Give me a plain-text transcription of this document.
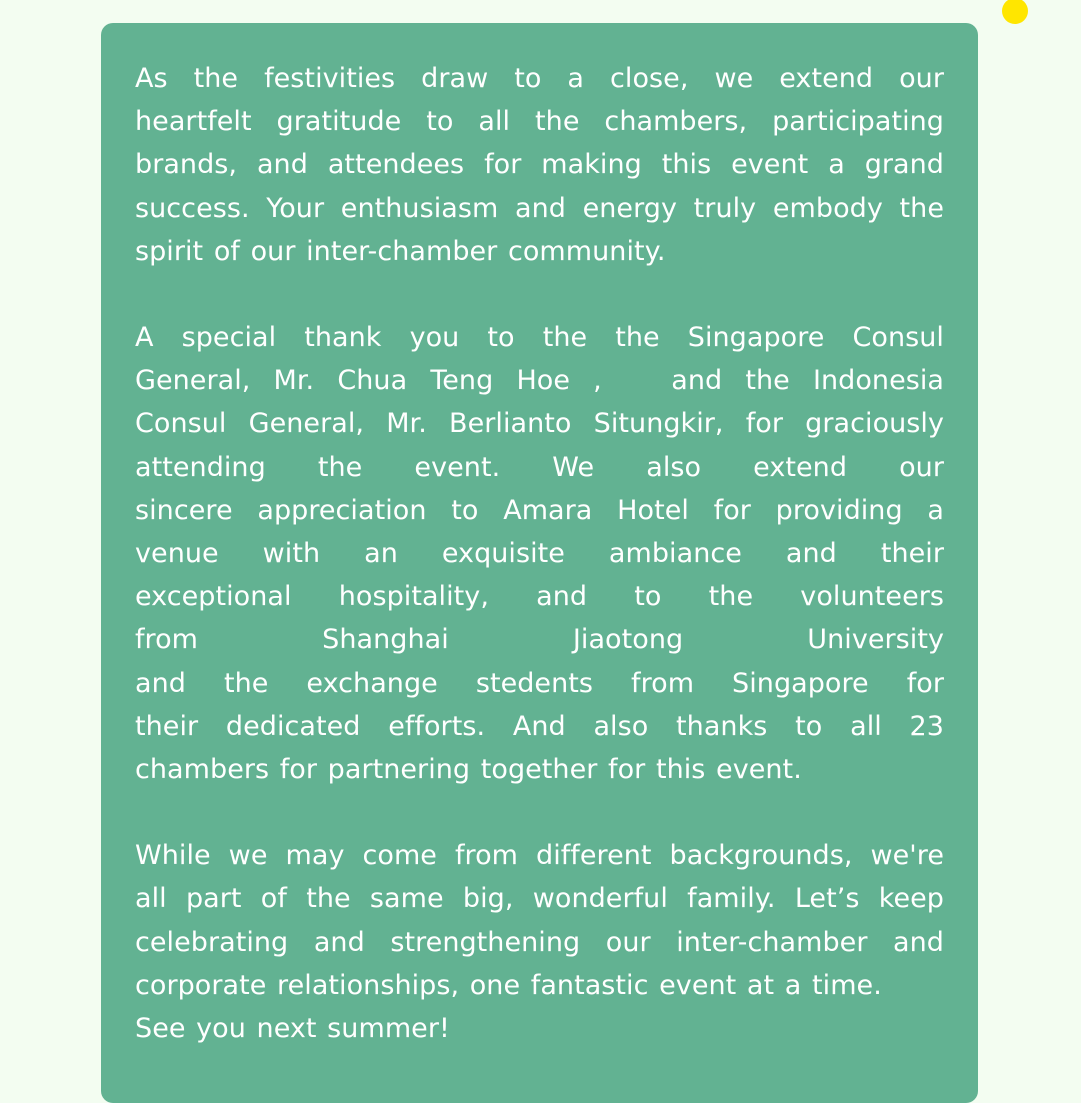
As the festivities draw to a close, we extend our
heartfelt gratitude to all the chambers, participating
brands, and attendees for making this event a grand
success. Your enthusiasm and energy truly embody the
spirit of our inter-chamber community.

A special thank you to the the Singapore Consul
General, Mr. Chua Teng Hoe ,   and the Indonesia
Consul General, Mr. Berlianto Situngkir, for graciously
attending the event. We also extend our
sincere appreciation to Amara Hotel for providing a
venue with an exquisite ambiance and their
exceptional hospitality, and to the volunteers
from Shanghai Jiaotong University
and the exchange stedents from Singapore for
their dedicated efforts. And also thanks to all 23
chambers for partnering together for this event.

While we may come from different backgrounds, we're
all part of the same big, wonderful family. Let’s keep
celebrating and strengthening our inter-chamber and
corporate relationships, one fantastic event at a time.
See you next summer!
